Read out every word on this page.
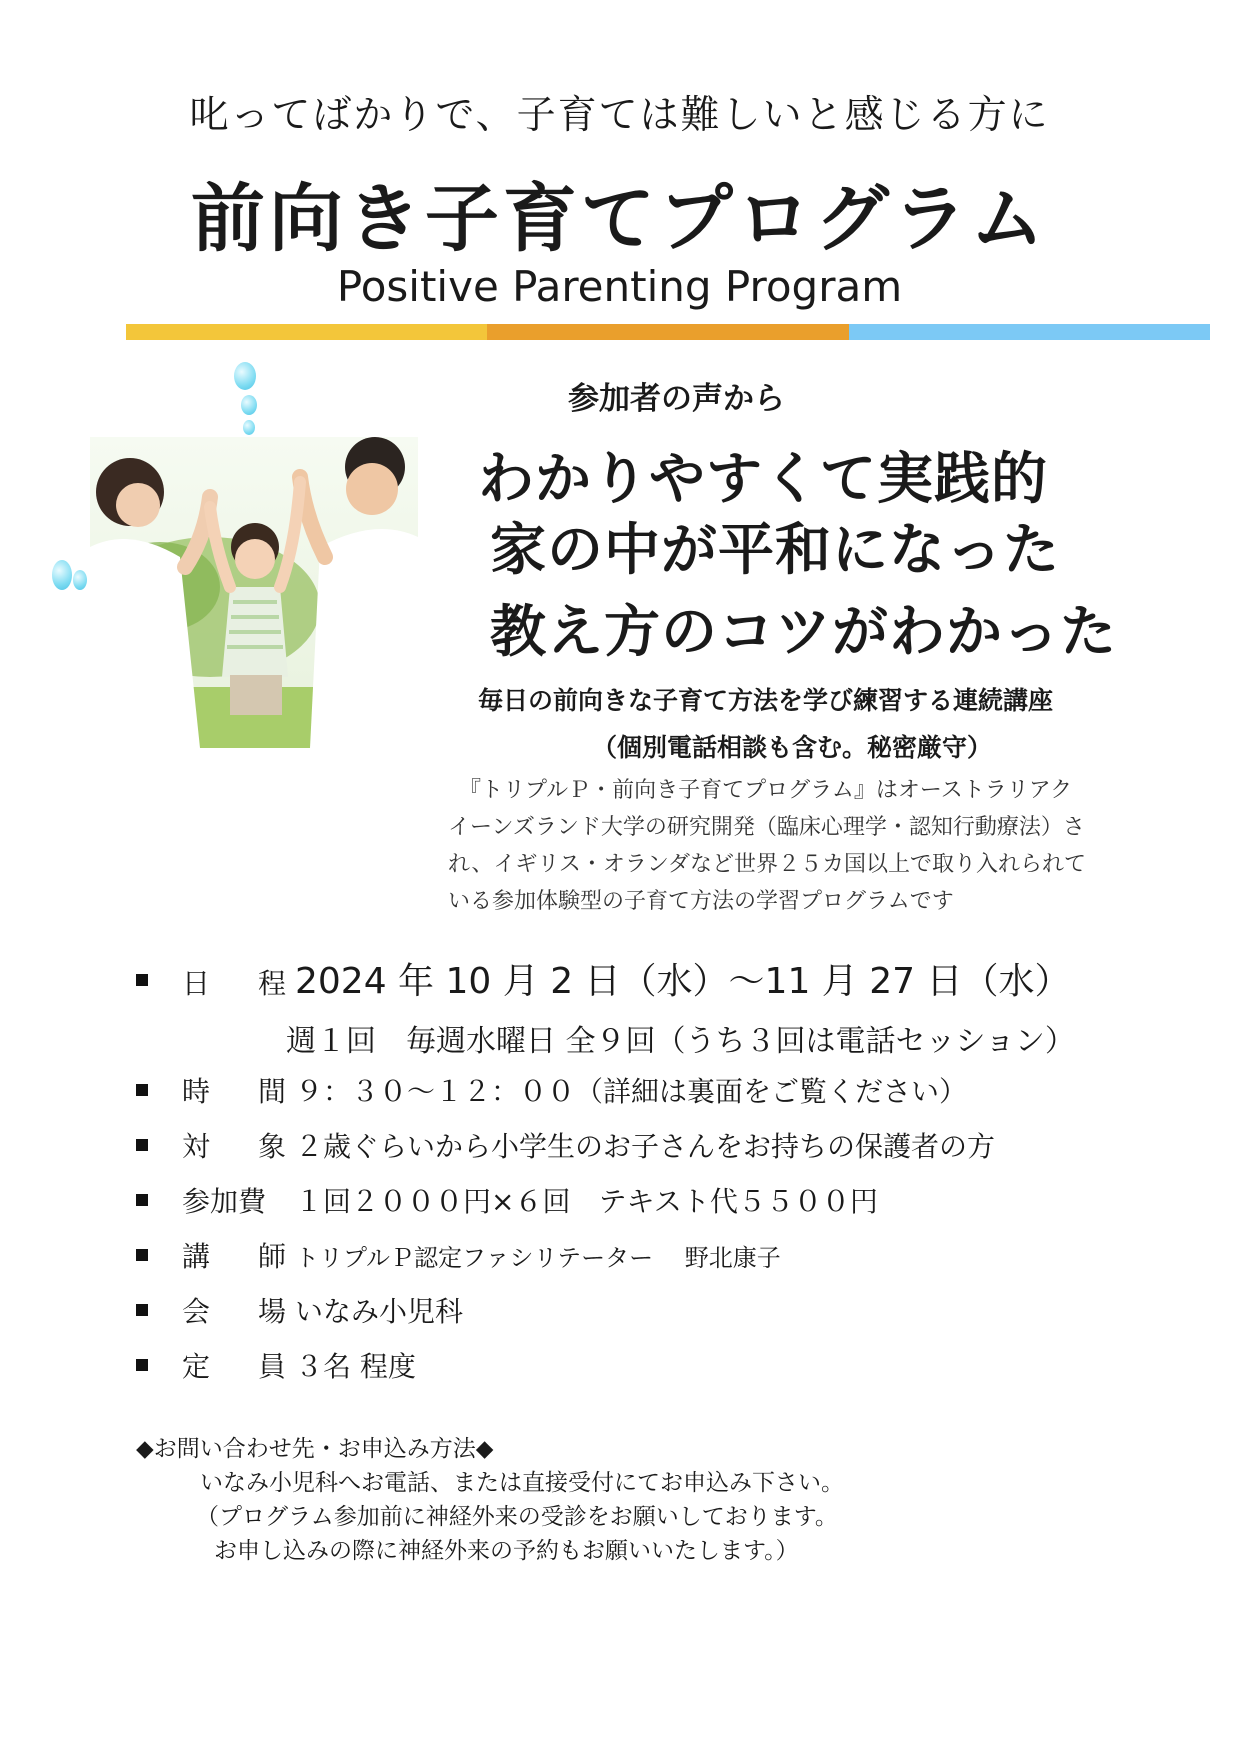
叱ってばかりで、子育ては難しいと感じる方に
前向き子育てプログラム
Positive Parenting Program
参加者の声から
わかりやすくて実践的
家の中が平和になった
教え方のコツがわかった
毎日の前向きな子育て方法を学び練習する連続講座
（個別電話相談も含む。秘密厳守）
　『トリプルＰ・前向き子育てプログラム』はオーストラリアク
イーンズランド大学の研究開発（臨床心理学・認知行動療法）さ
れ、イギリス・オランダなど世界２５カ国以上で取り入れられて
いる参加体験型の子育て方法の学習プログラムです
日　程2024 年 10 月 2 日（水）～11 月 27 日（水）
週１回　毎週水曜日 全９回（うち３回は電話セッション）
時　間９：３０～１２：００（詳細は裏面をご覧ください）
対　象２歳ぐらいから小学生のお子さんをお持ちの保護者の方
参加費 １回２０００円×６回　テキスト代５５００円
講　師トリプルＰ認定ファシリテーター　 野北康子
会　場いなみ小児科
定　員３名 程度
◆お問い合わせ先・お申込み方法◆
いなみ小児科へお電話、または直接受付にてお申込み下さい。
（プログラム参加前に神経外来の受診をお願いしております。
お申し込みの際に神経外来の予約もお願いいたします。）
